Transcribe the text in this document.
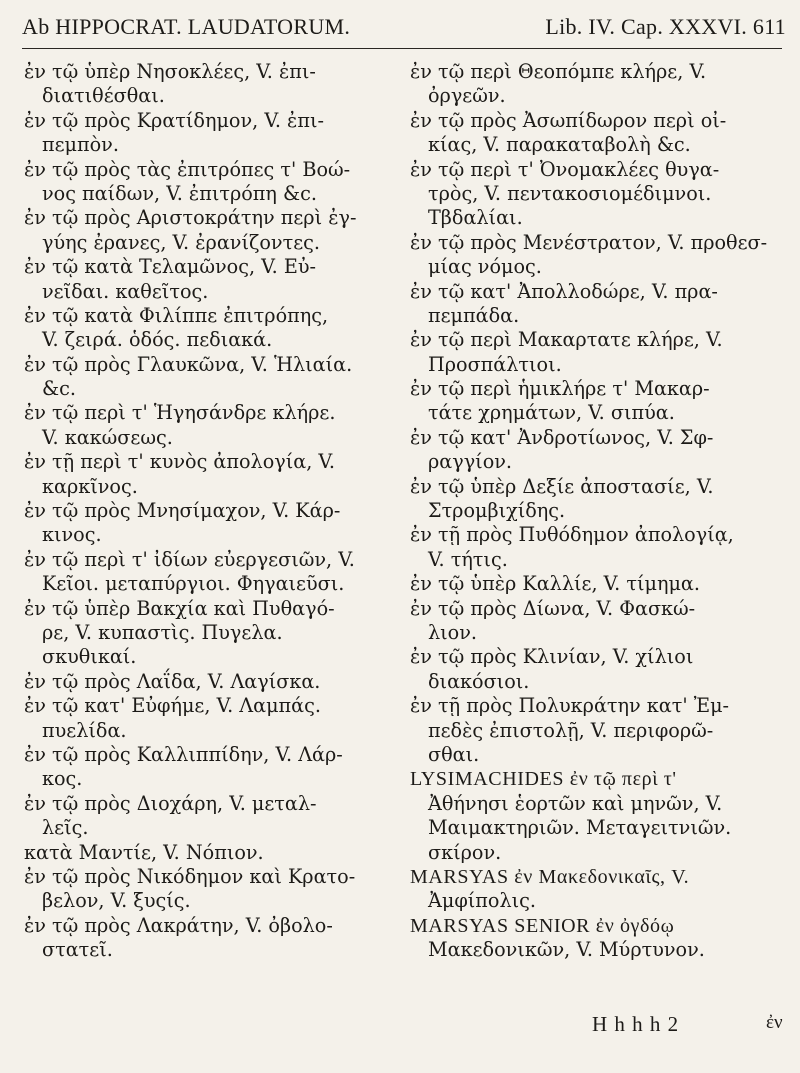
Ab HIPPOCRAT. LAUDATORUM.	Lib. IV. Cap. XXXVI. 611
ἐν τῷ ὑπὲρ Νησοκλέες, V. ἐπι-
διατιθέσθαι.
ἐν τῷ πρὸς Κρατίδημον, V. ἐπι-
πεμπὸν.
ἐν τῷ πρὸς τὰς ἐπιτρόπες τ' Βοώ-
νος παίδων, V. ἐπιτρόπη &c.
ἐν τῷ πρὸς Αριστοκράτην περὶ ἐγ-
γύης ἐρανες, V. ἐρανίζοντες.
ἐν τῷ κατὰ Τελαμῶνος, V. Εὐ-
νεῖδαι. καθεῖτος.
ἐν τῷ κατὰ Φιλίππε ἐπιτρόπης,
V. ζειρά. ὁδός. πεδιακά.
ἐν τῷ πρὸς Γλαυκῶνα, V. Ἡλιαία.
&c.
ἐν τῷ περὶ τ' Ἡγησάνδρε κλήρε.
V. κακώσεως.
ἐν τῇ περὶ τ' κυνὸς ἀπολογία, V.
καρκῖνος.
ἐν τῷ πρὸς Μνησίμαχον, V. Κάρ-
κινος.
ἐν τῷ περὶ τ' ἰδίων εὐεργεσιῶν, V.
Κεῖοι. μεταπύργιοι. Φηγαιεῦσι.
ἐν τῷ ὑπὲρ Βακχία καὶ Πυθαγό-
ρε, V. κυπαστὶς. Πυγελα.
σκυθικαί.
ἐν τῷ πρὸς Λαΐδα, V. Λαγίσκα.
ἐν τῷ κατ' Εὐφήμε, V. Λαμπάς.
πυελίδα.
ἐν τῷ πρὸς Καλλιππίδην, V. Λάρ-
κος.
ἐν τῷ πρὸς Διοχάρη, V. μεταλ-
λεῖς.
κατὰ Μαντίε, V. Νόπιον.
ἐν τῷ πρὸς Νικόδημον καὶ Κρατο-
βελον, V. ξυςίς.
ἐν τῷ πρὸς Λακράτην, V. ὀβολο-
στατεῖ.
ἐν τῷ περὶ Θεοπόμπε κλήρε, V.
ὀργεῶν.
ἐν τῷ πρὸς Ἀσωπίδωρον περὶ οἰ-
κίας, V. παρακαταβολὴ &c.
ἐν τῷ περὶ τ' Ὀνομακλέες θυγα-
τρὸς, V. πεντακοσιομέδιμνοι.
Τβδαλίαι.
ἐν τῷ πρὸς Μενέστρατον, V. προθεσ-
μίας νόμος.
ἐν τῷ κατ' Ἀπολλοδώρε, V. πρα-
πεμπάδα.
ἐν τῷ περὶ Μακαρτατε κλήρε, V.
Προσπάλτιοι.
ἐν τῷ περὶ ἡμικλήρε τ' Μακαρ-
τάτε χρημάτων, V. σιπύα.
ἐν τῷ κατ' Ἀνδροτίωνος, V. Σφ-
ραγγίον.
ἐν τῷ ὑπὲρ Δεξίε ἀποστασίε, V.
Στρομβιχίδης.
ἐν τῇ πρὸς Πυθόδημον ἀπολογίᾳ,
V. τήτις.
ἐν τῷ ὑπὲρ Καλλίε, V. τίμημα.
ἐν τῷ πρὸς Δίωνα, V. Φασκώ-
λιον.
ἐν τῷ πρὸς Κλινίαν, V. χίλιοι
διακόσιοι.
ἐν τῇ πρὸς Πολυκράτην κατ' Ἐμ-
πεδὲς ἐπιστολῇ, V. περιφορῶ-
σθαι.
LYSIMACHIDES ἐν τῷ περὶ τ'
Ἀθήνησι ἑορτῶν καὶ μηνῶν, V.
Μαιμακτηριῶν. Μεταγειτνιῶν.
σκίρον.
MARSYAS ἐν Μακεδονικαῖς, V.
Ἀμφίπολις.
MARSYAS SENIOR ἐν ὀγδόῳ
Μακεδονικῶν, V. Μύρτυνον.
H h h h 2	ἐν
